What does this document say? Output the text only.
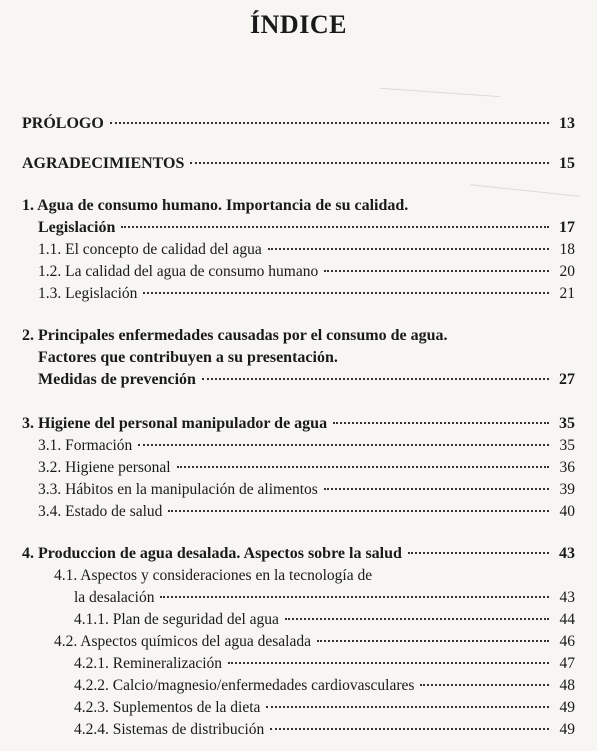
ÍNDICE
PRÓLOGO	13
AGRADECIMIENTOS	15
1. Agua de consumo humano. Importancia de su calidad.
Legislación	17
1.1. El concepto de calidad del agua	18
1.2. La calidad del agua de consumo humano	20
1.3. Legislación	21
2. Principales enfermedades causadas por el consumo de agua.
Factores que contribuyen a su presentación.
Medidas de prevención	27
3. Higiene del personal manipulador de agua	35
3.1. Formación	35
3.2. Higiene personal	36
3.3. Hábitos en la manipulación de alimentos	39
3.4. Estado de salud	40
4. Produccion de agua desalada. Aspectos sobre la salud	43
4.1. Aspectos y consideraciones en la tecnología de
la desalación	43
4.1.1. Plan de seguridad del agua	44
4.2. Aspectos químicos del agua desalada	46
4.2.1. Remineralización	47
4.2.2. Calcio/magnesio/enfermedades cardiovasculares	48
4.2.3. Suplementos de la dieta	49
4.2.4. Sistemas de distribución	49
